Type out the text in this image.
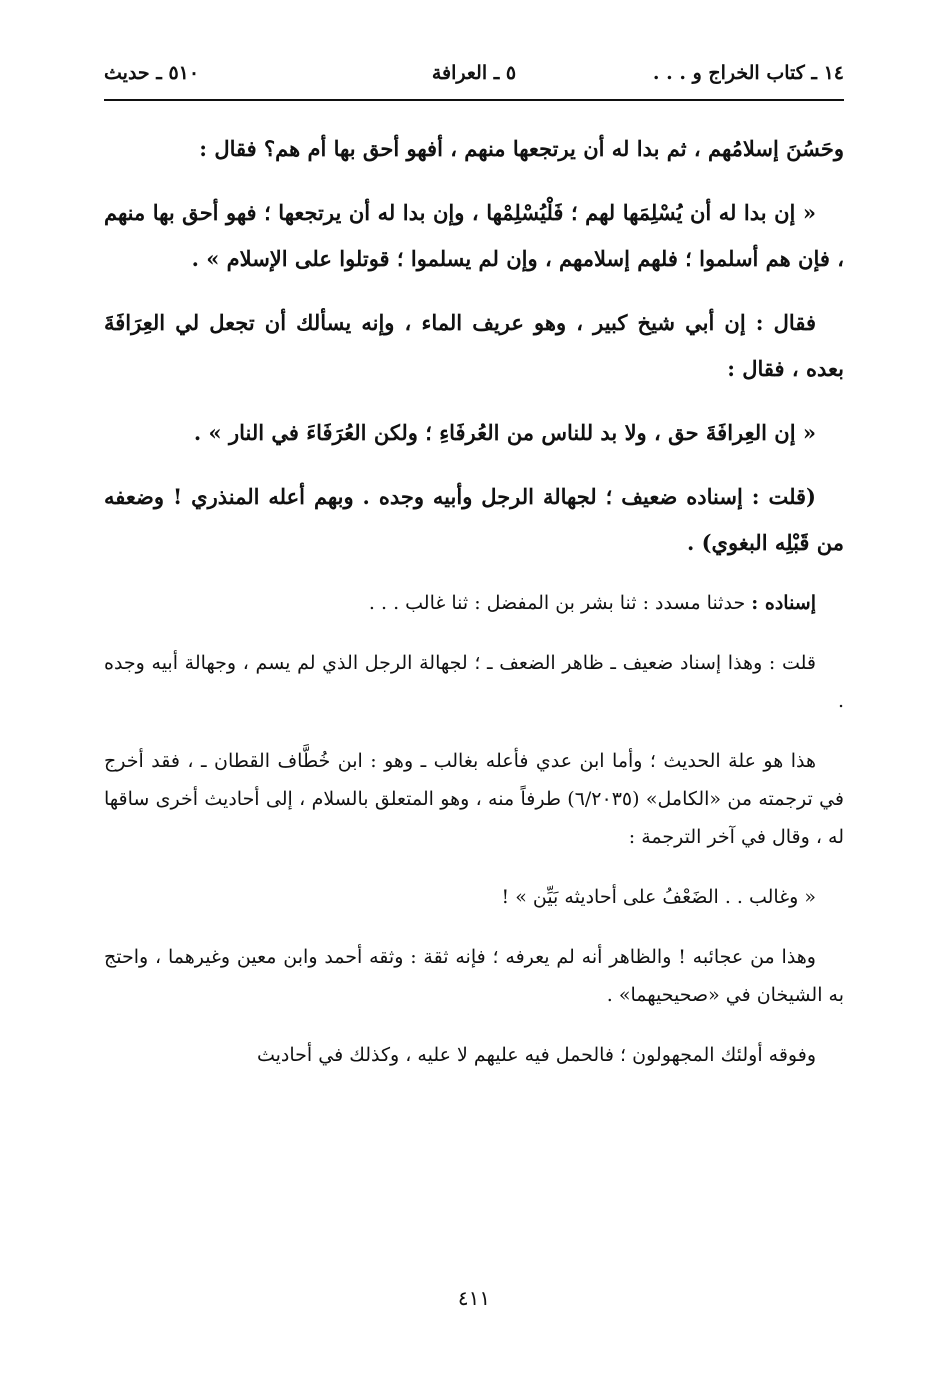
١٤ ـ كتاب الخراج و . . .
٥ ـ العرافة
٥١٠ ـ حديث

وحَسُنَ إسلامُهم ، ثم بدا له أن يرتجعها منهم ، أفهو أحق بها أم هم؟ فقال :

« إن بدا له أن يُسْلِمَها لهم ؛ فَلْيُسْلِمْها ، وإن بدا له أن يرتجعها ؛ فهو أحق بها منهم ، فإن هم أسلموا ؛ فلهم إسلامهم ، وإن لم يسلموا ؛ قوتلوا على الإسلام » .

فقال : إن أبي شيخ كبير ، وهو عريف الماء ، وإنه يسألك أن تجعل لي العِرَافَةَ بعده ، فقال :

« إن العِرافَةَ حق ، ولا بد للناس من العُرفَاءِ ؛ ولكن العُرَفَاءَ في النار » .

(قلت : إسناده ضعيف ؛ لجهالة الرجل وأبيه وجده . وبهم أعله المنذري ! وضعفه من قَبْلِه البغوي) .

إسناده : حدثنا مسدد : ثنا بشر بن المفضل : ثنا غالب . . .

قلت : وهذا إسناد ضعيف ـ ظاهر الضعف ـ ؛ لجهالة الرجل الذي لم يسم ، وجهالة أبيه وجده .

هذا هو علة الحديث ؛ وأما ابن عدي فأعله بغالب ـ وهو : ابن خُطَّاف القطان ـ ، فقد أخرج في ترجمته من «الكامل» (٦/٢٠٣٥) طرفاً منه ، وهو المتعلق بالسلام ، إلى أحاديث أخرى ساقها له ، وقال في آخر الترجمة :

« وغالب . . الضَعْفُ على أحاديثه بَيِّن » !

وهذا من عجائبه ! والظاهر أنه لم يعرفه ؛ فإنه ثقة : وثقه أحمد وابن معين وغيرهما ، واحتج به الشيخان في «صحيحيهما» .

وفوقه أولئك المجهولون ؛ فالحمل فيه عليهم لا عليه ، وكذلك في أحاديث

٤١١
